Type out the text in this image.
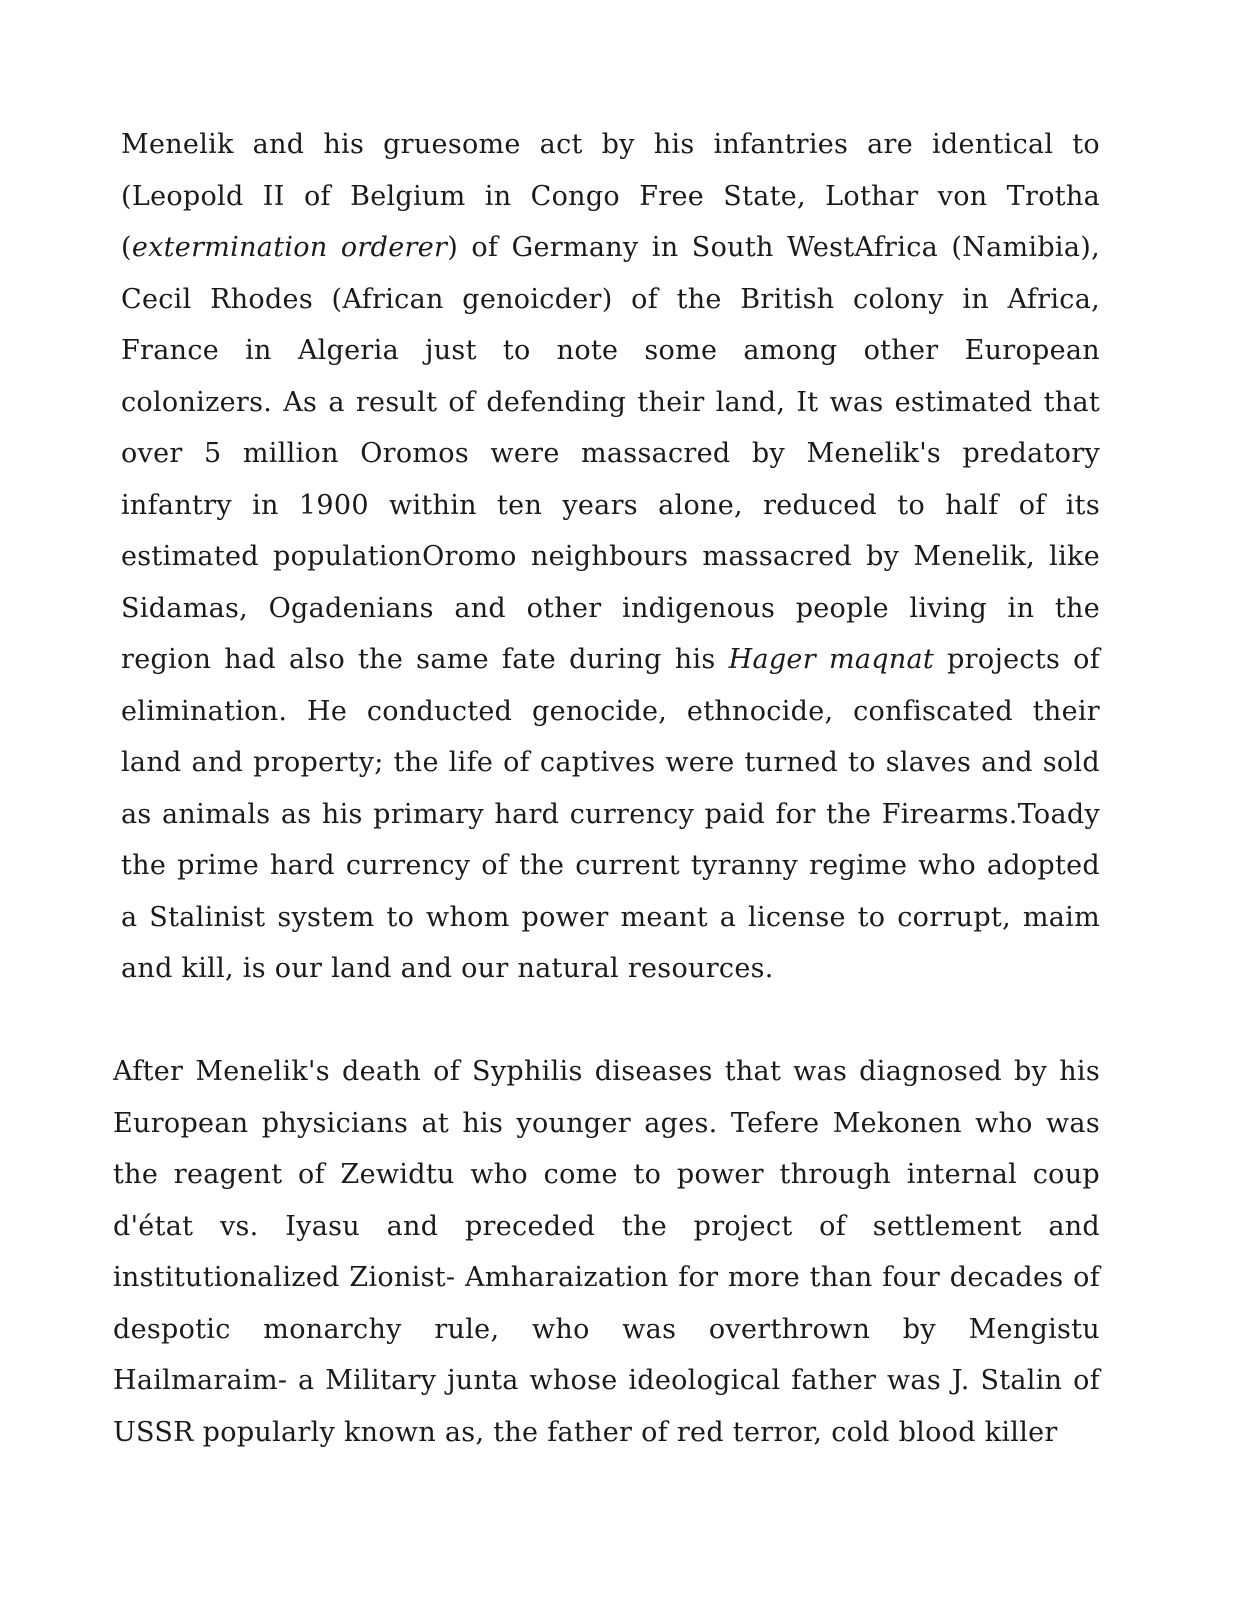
Menelik and his gruesome act by his infantries are identical to (Leopold II of Belgium in Congo Free State, Lothar von Trotha (extermination orderer) of Germany in South WestAfrica (Namibia), Cecil Rhodes (African genoicder) of the British colony in Africa, France in Algeria just to note some among other European colonizers. As a result of defending their land, It was estimated that over 5 million Oromos were massacred by Menelik's predatory infantry in 1900 within ten years alone, reduced to half of its estimated populationOromo neighbours massacred by Menelik, like Sidamas, Ogadenians and other indigenous people living in the region had also the same fate during his Hager maqnat projects of elimination. He conducted genocide, ethnocide, confiscated their land and property; the life of captives were turned to slaves and sold as animals as his primary hard currency paid for the Firearms.Toady the prime hard currency of the current tyranny regime who adopted a Stalinist system to whom power meant a license to corrupt, maim and kill, is our land and our natural resources.

After Menelik's death of Syphilis diseases that was diagnosed by his European physicians at his younger ages. Tefere Mekonen who was the reagent of Zewidtu who come to power through internal coup d'état vs. Iyasu and preceded the project of settlement and institutionalized Zionist- Amharaization for more than four decades of despotic monarchy rule, who was overthrown by Mengistu Hailmaraim- a Military junta whose ideological father was J. Stalin of USSR popularly known as, the father of red terror, cold blood killer
